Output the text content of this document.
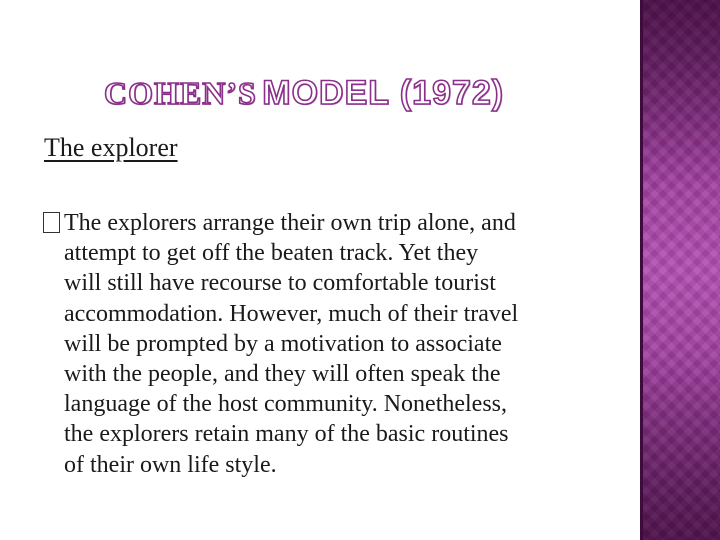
COHEN’S MODEL (1972)
The explorer
The explorers arrange their own trip alone, and
attempt to get off the beaten track. Yet they
will still have recourse to comfortable tourist
accommodation. However, much of their travel
will be prompted by a motivation to associate
with the people, and they will often speak the
language of the host community. Nonetheless,
the explorers retain many of the basic routines
of their own life style.
